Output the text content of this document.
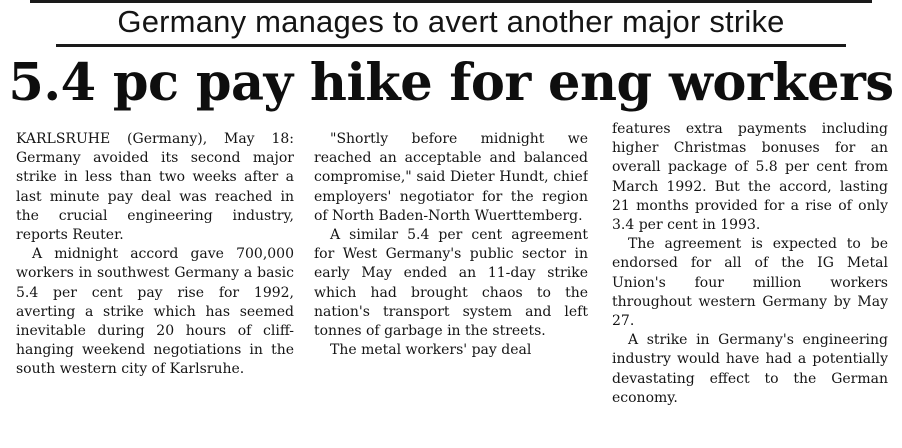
Germany manages to avert another major strike
5.4 pc pay hike for eng workers

KARLSRUHE (Germany), May 18: Germany avoided its second major strike in less than two weeks after a last minute pay deal was reached in the crucial engineering industry, reports Reuter.

A midnight accord gave 700,000 workers in southwest Germany a basic 5.4 per cent pay rise for 1992, averting a strike which has seemed inevitable during 20 hours of cliff-hanging weekend negotiations in the south western city of Karlsruhe.

"Shortly before midnight we reached an acceptable and balanced compromise," said Dieter Hundt, chief employers' negotiator for the region of North Baden-North Wuerttemberg.

A similar 5.4 per cent agreement for West Germany's public sector in early May ended an 11-day strike which had brought chaos to the nation's transport system and left tonnes of garbage in the streets.

The metal workers' pay deal

features extra payments including higher Christmas bonuses for an overall package of 5.8 per cent from March 1992. But the accord, lasting 21 months provided for a rise of only 3.4 per cent in 1993.

The agreement is expected to be endorsed for all of the IG Metal Union's four million workers throughout western Germany by May 27.

A strike in Germany's engineering industry would have had a potentially devastating effect to the German economy.
